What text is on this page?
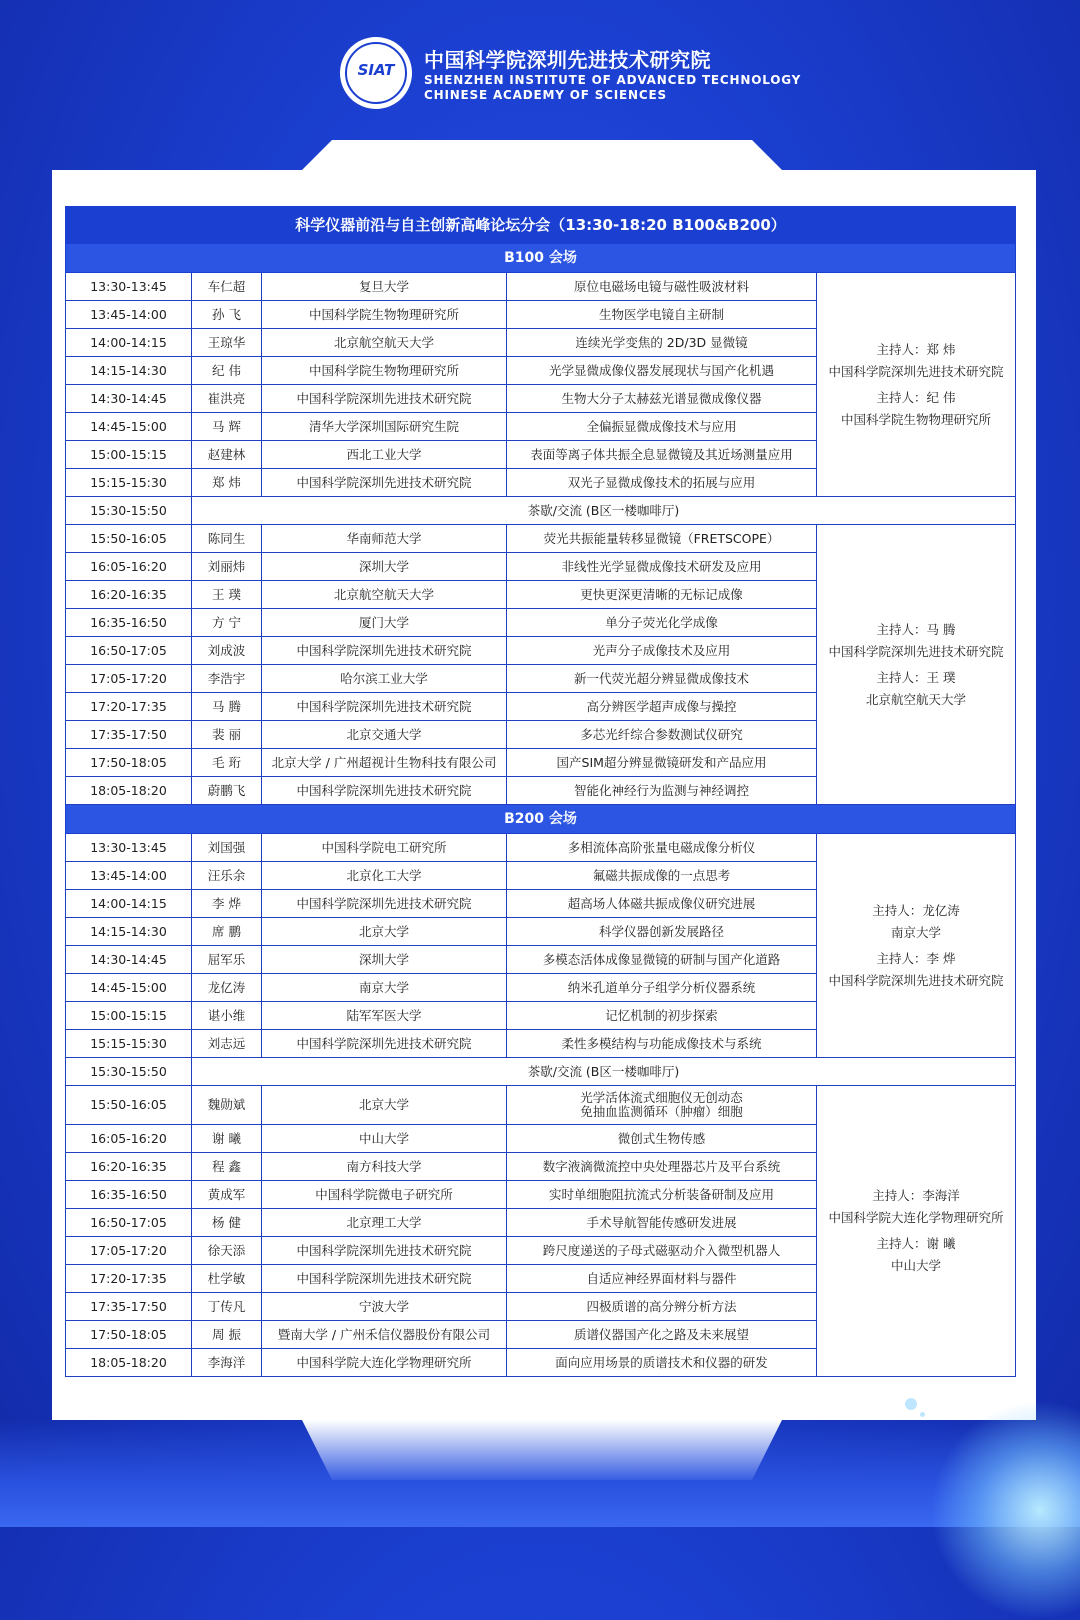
SIAT	中国科学院深圳先进技术研究院
SHENZHEN INSTITUTE OF ADVANCED TECHNOLOGY
CHINESE ACADEMY OF SCIENCES
科学仪器前沿与自主创新高峰论坛分会（13:30-18:20 B100&B200）				
B100 会场				
13:30-13:45	车仁超	复旦大学	原位电磁场电镜与磁性吸波材料	主持人：郑 炜
中国科学院深圳先进技术研究院
主持人：纪 伟
中国科学院生物物理研究所

13:45-14:00	孙 飞	中国科学院生物物理研究所	生物医学电镜自主研制	
14:00-14:15	王琼华	北京航空航天大学	连续光学变焦的 2D/3D 显微镜	
14:15-14:30	纪 伟	中国科学院生物物理研究所	光学显微成像仪器发展现状与国产化机遇	
14:30-14:45	崔洪亮	中国科学院深圳先进技术研究院	生物大分子太赫兹光谱显微成像仪器	
14:45-15:00	马 辉	清华大学深圳国际研究生院	全偏振显微成像技术与应用	
15:00-15:15	赵建林	西北工业大学	表面等离子体共振全息显微镜及其近场测量应用	
15:15-15:30	郑 炜	中国科学院深圳先进技术研究院	双光子显微成像技术的拓展与应用	
15:30-15:50	茶歇/交流 (B区一楼咖啡厅)			
15:50-16:05	陈同生	华南师范大学	荧光共振能量转移显微镜（FRETSCOPE）	主持人：马 腾
中国科学院深圳先进技术研究院
主持人：王 璞
北京航空航天大学

16:05-16:20	刘丽炜	深圳大学	非线性光学显微成像技术研发及应用	
16:20-16:35	王 璞	北京航空航天大学	更快更深更清晰的无标记成像	
16:35-16:50	方 宁	厦门大学	单分子荧光化学成像	
16:50-17:05	刘成波	中国科学院深圳先进技术研究院	光声分子成像技术及应用	
17:05-17:20	李浩宇	哈尔滨工业大学	新一代荧光超分辨显微成像技术	
17:20-17:35	马 腾	中国科学院深圳先进技术研究院	高分辨医学超声成像与操控	
17:35-17:50	裴 丽	北京交通大学	多芯光纤综合参数测试仪研究	
17:50-18:05	毛 珩	北京大学 / 广州超视计生物科技有限公司	国产SIM超分辨显微镜研发和产品应用	
18:05-18:20	蔚鹏飞	中国科学院深圳先进技术研究院	智能化神经行为监测与神经调控	
B200 会场				
13:30-13:45	刘国强	中国科学院电工研究所	多相流体高阶张量电磁成像分析仪	主持人：龙亿涛
南京大学
主持人：李 烨
中国科学院深圳先进技术研究院

13:45-14:00	汪乐余	北京化工大学	氟磁共振成像的一点思考	
14:00-14:15	李 烨	中国科学院深圳先进技术研究院	超高场人体磁共振成像仪研究进展	
14:15-14:30	席 鹏	北京大学	科学仪器创新发展路径	
14:30-14:45	屈军乐	深圳大学	多模态活体成像显微镜的研制与国产化道路	
14:45-15:00	龙亿涛	南京大学	纳米孔道单分子组学分析仪器系统	
15:00-15:15	谌小维	陆军军医大学	记忆机制的初步探索	
15:15-15:30	刘志远	中国科学院深圳先进技术研究院	柔性多模结构与功能成像技术与系统	
15:30-15:50	茶歇/交流 (B区一楼咖啡厅)			
15:50-16:05	魏勋斌	北京大学	光学活体流式细胞仪无创动态
免抽血监测循环（肿瘤）细胞	主持人：李海洋
中国科学院大连化学物理研究所
主持人：谢 曦
中山大学

16:05-16:20	谢 曦	中山大学	微创式生物传感	
16:20-16:35	程 鑫	南方科技大学	数字液滴微流控中央处理器芯片及平台系统	
16:35-16:50	黄成军	中国科学院微电子研究所	实时单细胞阻抗流式分析装备研制及应用	
16:50-17:05	杨 健	北京理工大学	手术导航智能传感研发进展	
17:05-17:20	徐天添	中国科学院深圳先进技术研究院	跨尺度递送的子母式磁驱动介入微型机器人	
17:20-17:35	杜学敏	中国科学院深圳先进技术研究院	自适应神经界面材料与器件	
17:35-17:50	丁传凡	宁波大学	四极质谱的高分辨分析方法	
17:50-18:05	周 振	暨南大学 / 广州禾信仪器股份有限公司	质谱仪器国产化之路及未来展望	
18:05-18:20	李海洋	中国科学院大连化学物理研究所	面向应用场景的质谱技术和仪器的研发	
